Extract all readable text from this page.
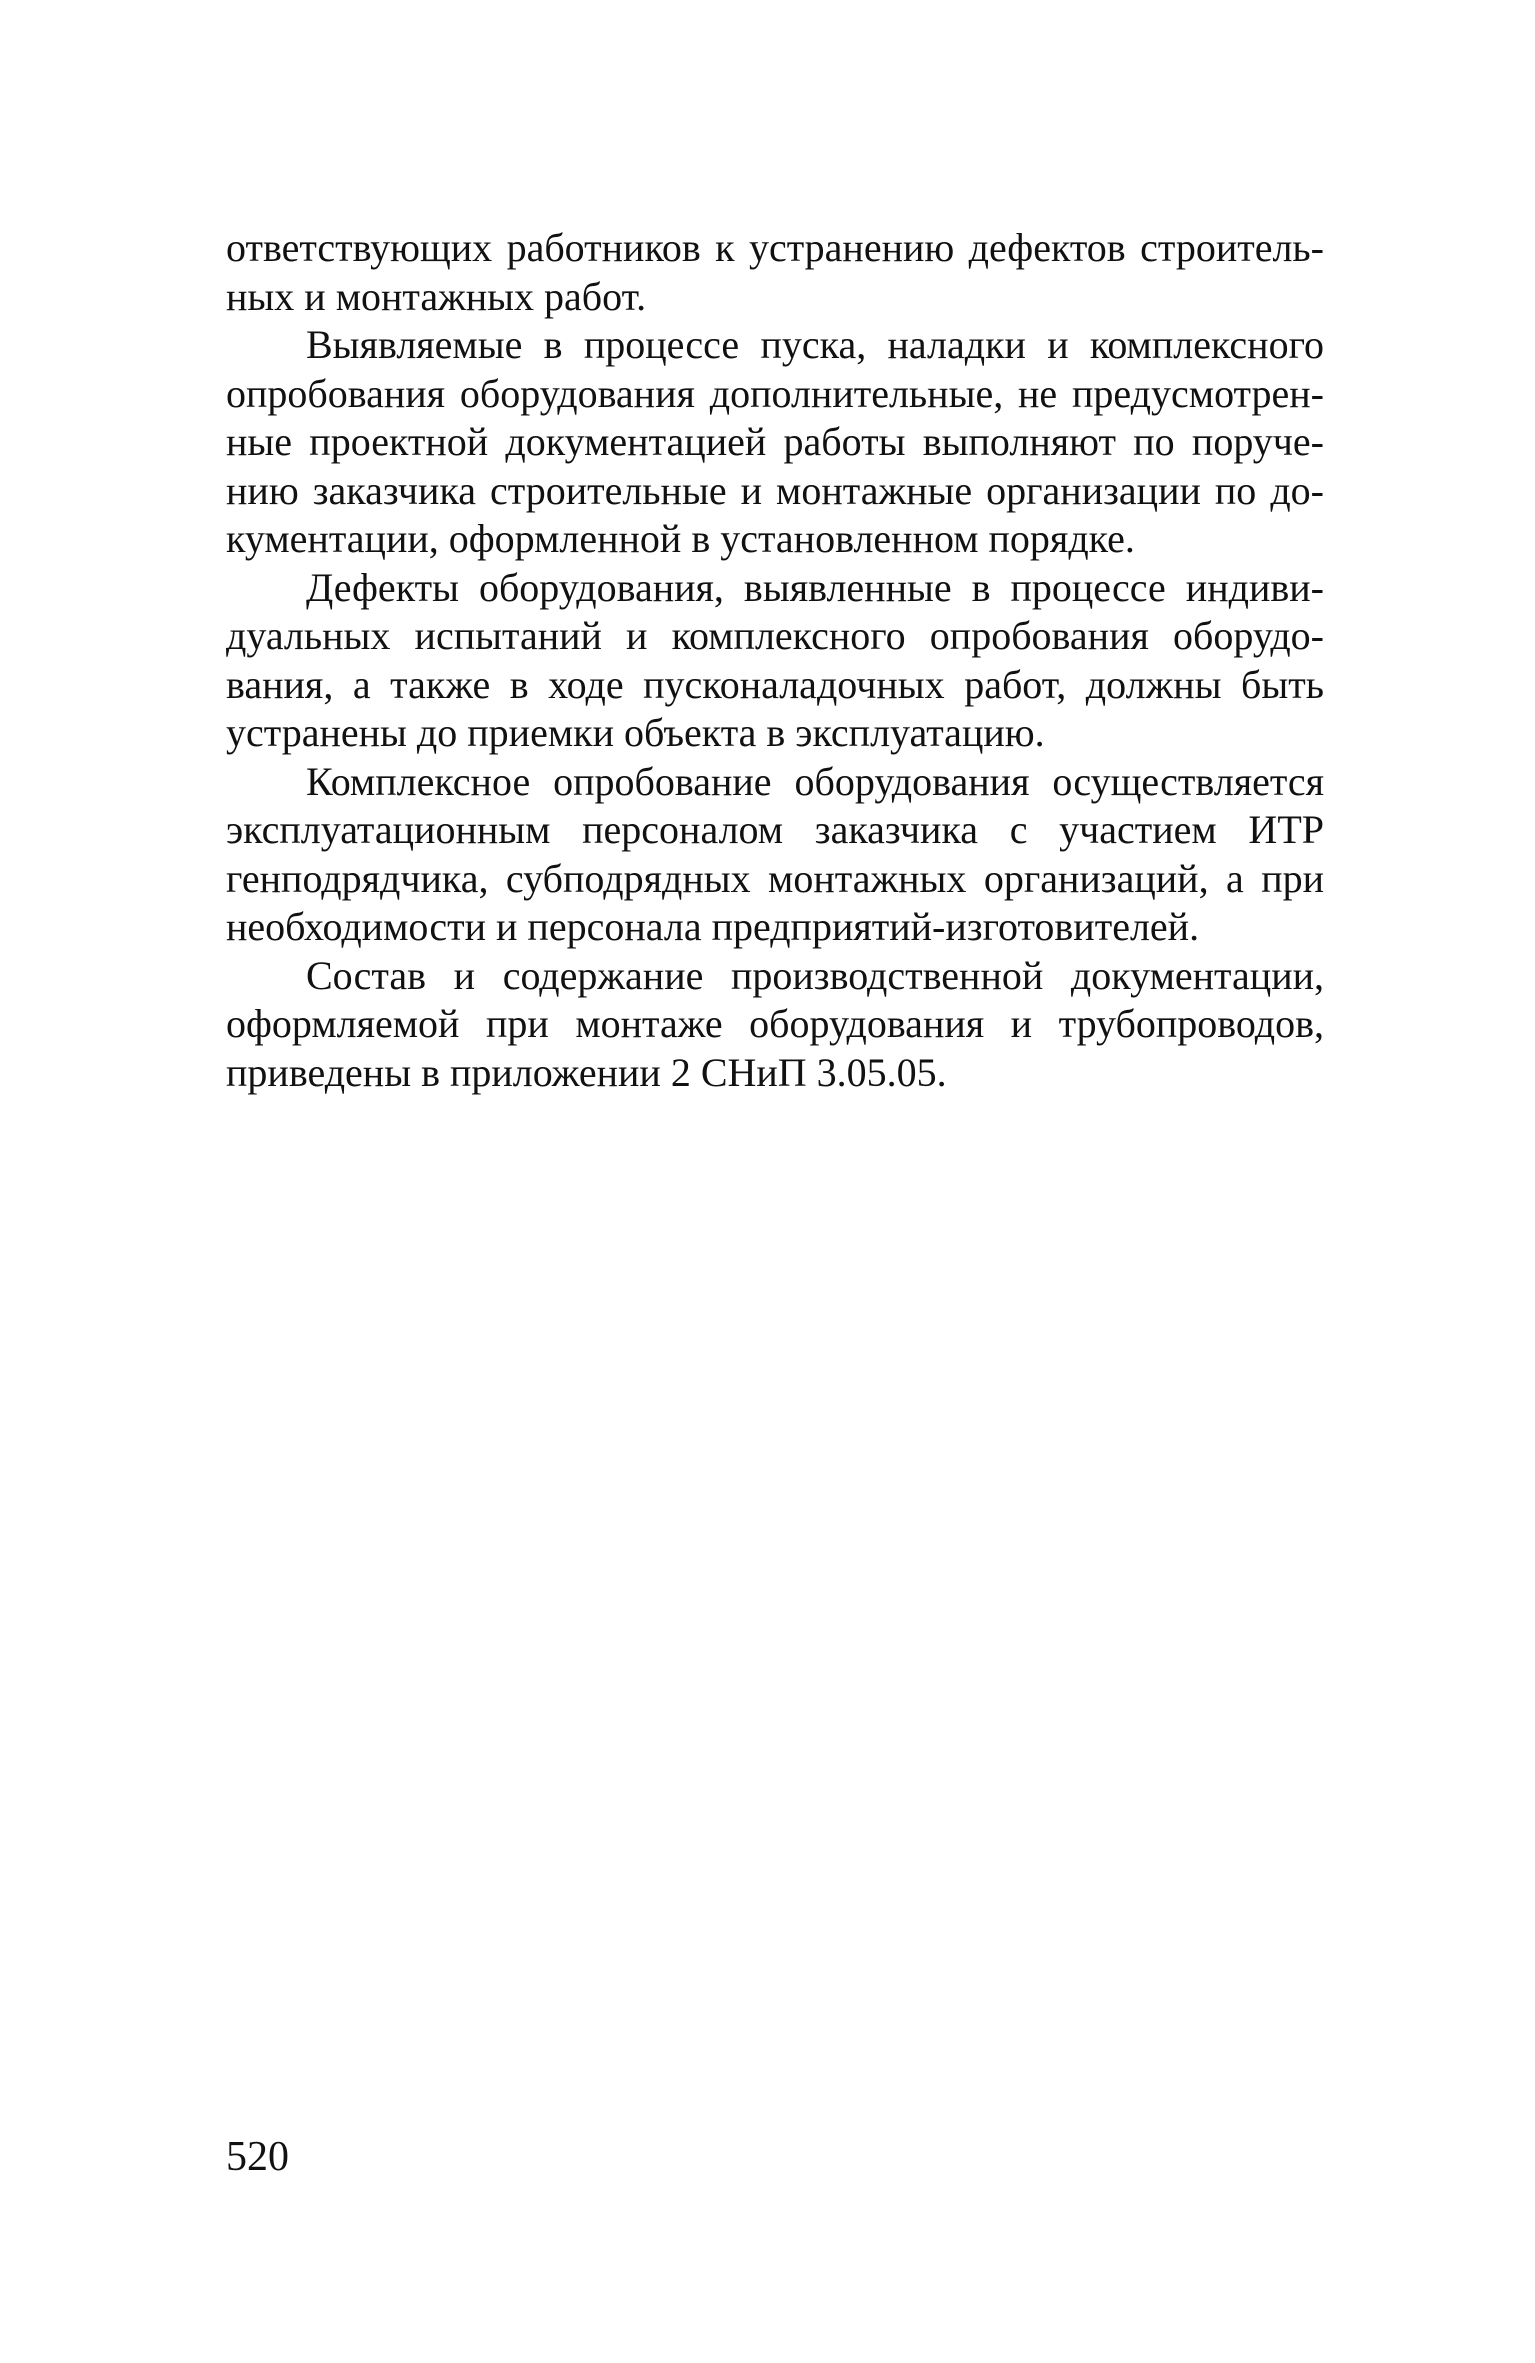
ответствующих работников к устранению дефектов строительных и монтажных работ.

Выявляемые в процессе пуска, наладки и комплексного опробования оборудования дополнительные, не предусмотренные проектной документацией работы выполняют по поручению заказчика строительные и монтажные организации по документации, оформленной в установленном порядке.

Дефекты оборудования, выявленные в процессе индивидуальных испытаний и комплексного опробования оборудования, а также в ходе пусконаладочных работ, должны быть устранены до приемки объекта в эксплуатацию.

Комплексное опробование оборудования осуществляется эксплуатационным персоналом заказчика с участием ИТР генподрядчика, субподрядных монтажных организаций, а при необходимости и персонала предприятий-изготовителей.

Состав и содержание производственной документации, оформляемой при монтаже оборудования и трубопроводов, приведены в приложении 2 СНиП 3.05.05.

520
